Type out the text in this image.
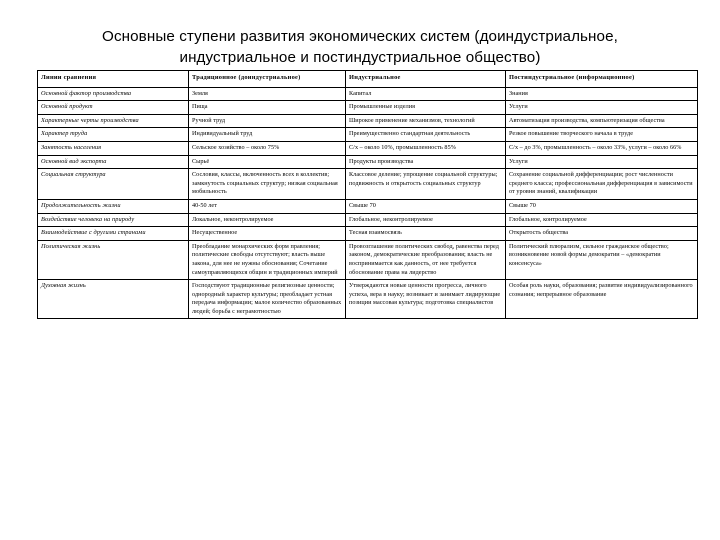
Основные ступени развития экономических систем (доиндустриальное,
индустриальное и постиндустриальное общество)
Линии сравнения	Традиционное (доиндустриальное)	Индустриальное	Постиндустриальное (информационное)
Основной фактор производства	Земля	Капитал	Знания
Основной продукт	Пища	Промышленные изделия	Услуги
Характерные черты производства	Ручной труд	Широкое применение механизмов, технологий	Автоматизация производства, компьютеризация общества
Характер труда	Индивидуальный труд	Преимущественно стандартная деятельность	Резкое повышение творческого начала в труде
Занятость населения	Сельское хозяйство – около 75%	С/х – около 10%, промышленность 85%	С/х – до 3%, промышленность – около 33%, услуги – около 66%
Основной вид экспорта	Сырьё	Продукты производства	Услуги
Социальная структура	Сословия, классы, включенность всех в коллектив; замкнутость социальных структур; низкая социальная мобильность	Классовое деление; упрощение социальной структуры; подвижность и открытость социальных структур	Сохранение социальной дифференциации; рост численности среднего класса; профессиональная дифференциация в зависимости от уровня знаний, квалификации
Продолжительность жизни	40-50 лет	Свыше 70	Свыше 70
Воздействие человека на природу	Локальное, неконтролируемое	Глобальное, неконтролируемое	Глобальное, контролируемое
Взаимодействие с другими странами	Несущественное	Тесная взаимосвязь	Открытость общества
Политическая жизнь	Преобладание монархических форм правления; политические свободы отсутствуют; власть выше закона, для нее не нужны обоснования; Сочетание самоуправляющихся общин и традиционных империй	Провозглашение политических свобод, равенства перед законом, демократические преобразования; власть не воспринимается как данность, от нее требуется обоснование права на лидерство	Политический плюрализм, сильное гражданское общество; возникновение новой формы демократии – «демократии консенсуса»
Духовная жизнь	Господствуют традиционные религиозные ценности; однородный характер культуры; преобладает устная передача информации; малое количество образованных людей; борьба с неграмотностью	Утверждаются новые ценности прогресса, личного успеха, вера в науку; возникает и занимает лидирующие позиции массовая культура; подготовка специалистов	Особая роль науки, образования; развитие индивидуализированного сознания; непрерывное образование
